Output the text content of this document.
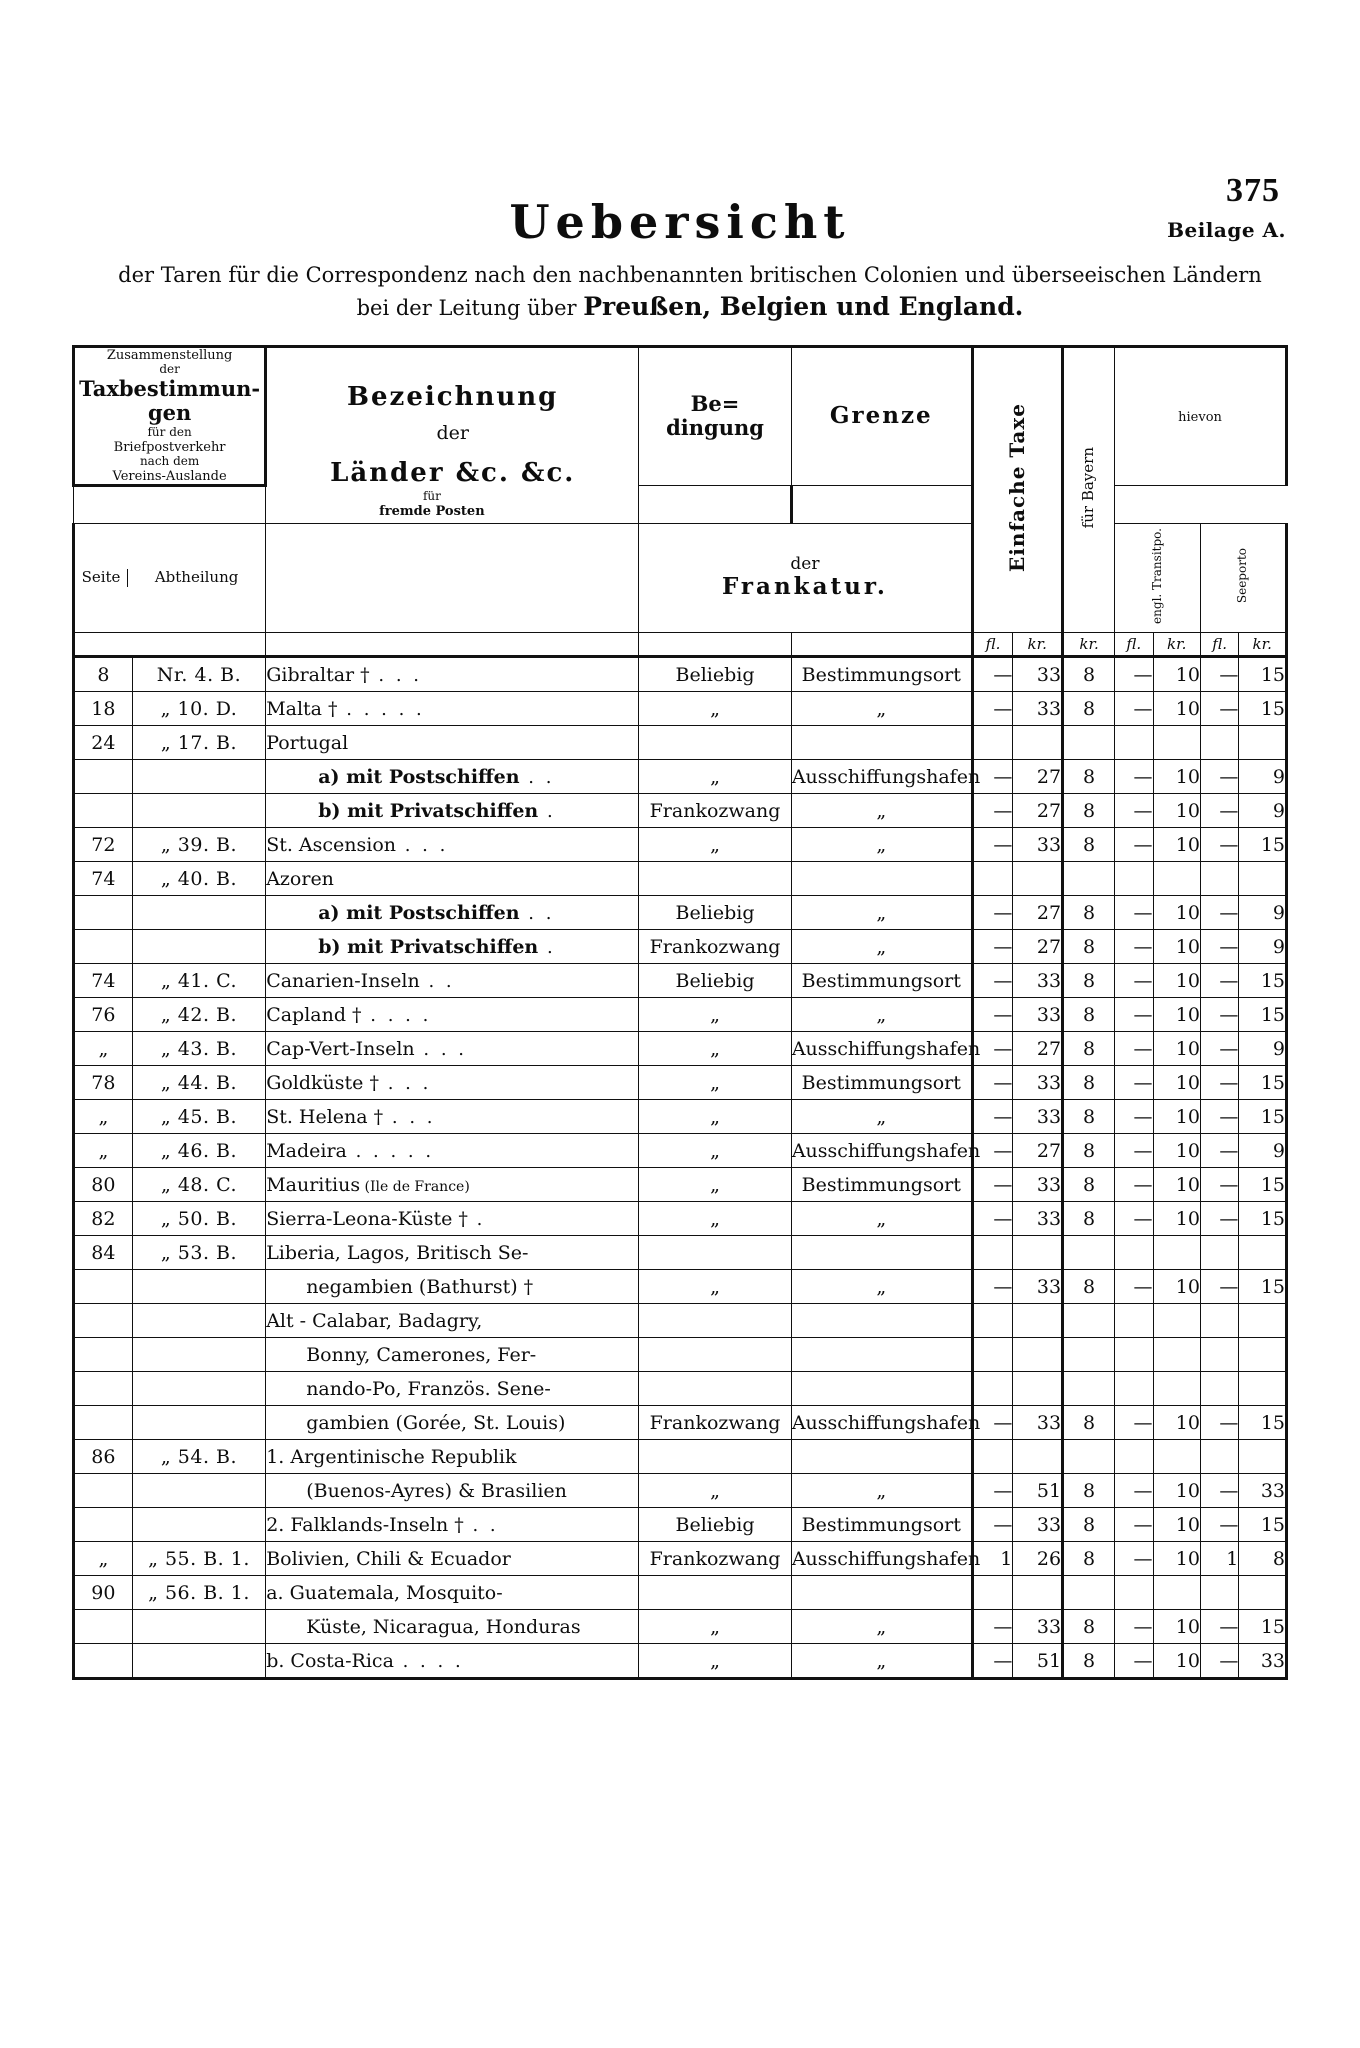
375
Beilage A.
Uebersicht
der Taren für die Correspondenz nach den nachbenannten britischen Colonien und überseeischen Ländern
bei der Leitung über Preußen, Belgien und England.
Zusammenstellung
der
Taxbestimmun-
gen
für den
Briefpostverkehr
nach dem
Vereins-Auslande

Bezeichnung
der
Länder &c. &c.

Be=
dingung	Grenze	Einfache Taxe	für Bayern	hievon

für
fremde Posten

Seite	Abtheilung

der
Frankatur.	engl. Transitpo.	Seeporto
				fl.	kr.	kr.	fl.	kr.	fl.	kr.
8	Nr. 4. B.	Gibraltar † . . .	Beliebig	Bestimmungsort	—	33	8	—	10	—	15
18	„ 10. D.	Malta † . . . . .	„	„	—	33	8	—	10	—	15
24	„ 17. B.	Portugal									
		a) mit Postschiffen . .	„	Ausschiffungshafen	—	27	8	—	10	—	9
		b) mit Privatschiffen .	Frankozwang	„	—	27	8	—	10	—	9
72	„ 39. B.	St. Ascension . . .	„	„	—	33	8	—	10	—	15
74	„ 40. B.	Azoren									
		a) mit Postschiffen . .	Beliebig	„	—	27	8	—	10	—	9
		b) mit Privatschiffen .	Frankozwang	„	—	27	8	—	10	—	9
74	„ 41. C.	Canarien-Inseln . .	Beliebig	Bestimmungsort	—	33	8	—	10	—	15
76	„ 42. B.	Capland † . . . .	„	„	—	33	8	—	10	—	15
„	„ 43. B.	Cap-Vert-Inseln . . .	„	Ausschiffungshafen	—	27	8	—	10	—	9
78	„ 44. B.	Goldküste † . . .	„	Bestimmungsort	—	33	8	—	10	—	15
„	„ 45. B.	St. Helena † . . .	„	„	—	33	8	—	10	—	15
„	„ 46. B.	Madeira . . . . .	„	Ausschiffungshafen	—	27	8	—	10	—	9
80	„ 48. C.	Mauritius (Ile de France)	„	Bestimmungsort	—	33	8	—	10	—	15
82	„ 50. B.	Sierra-Leona-Küste † .	„	„	—	33	8	—	10	—	15
84	„ 53. B.	Liberia, Lagos, Britisch Se-									
		negambien (Bathurst) †	„	„	—	33	8	—	10	—	15
		Alt - Calabar, Badagry,									
		Bonny, Camerones, Fer-									
		nando-Po, Französ. Sene-									
		gambien (Gorée, St. Louis)	Frankozwang	Ausschiffungshafen	—	33	8	—	10	—	15
86	„ 54. B.	1. Argentinische Republik									
		(Buenos-Ayres) & Brasilien	„	„	—	51	8	—	10	—	33
		2. Falklands-Inseln † . .	Beliebig	Bestimmungsort	—	33	8	—	10	—	15
„	„ 55. B. 1.	Bolivien, Chili & Ecuador	Frankozwang	Ausschiffungshafen	1	26	8	—	10	1	8
90	„ 56. B. 1.	a. Guatemala, Mosquito-									
		Küste, Nicaragua, Honduras	„	„	—	33	8	—	10	—	15
		b. Costa-Rica . . . .	„	„	—	51	8	—	10	—	33
